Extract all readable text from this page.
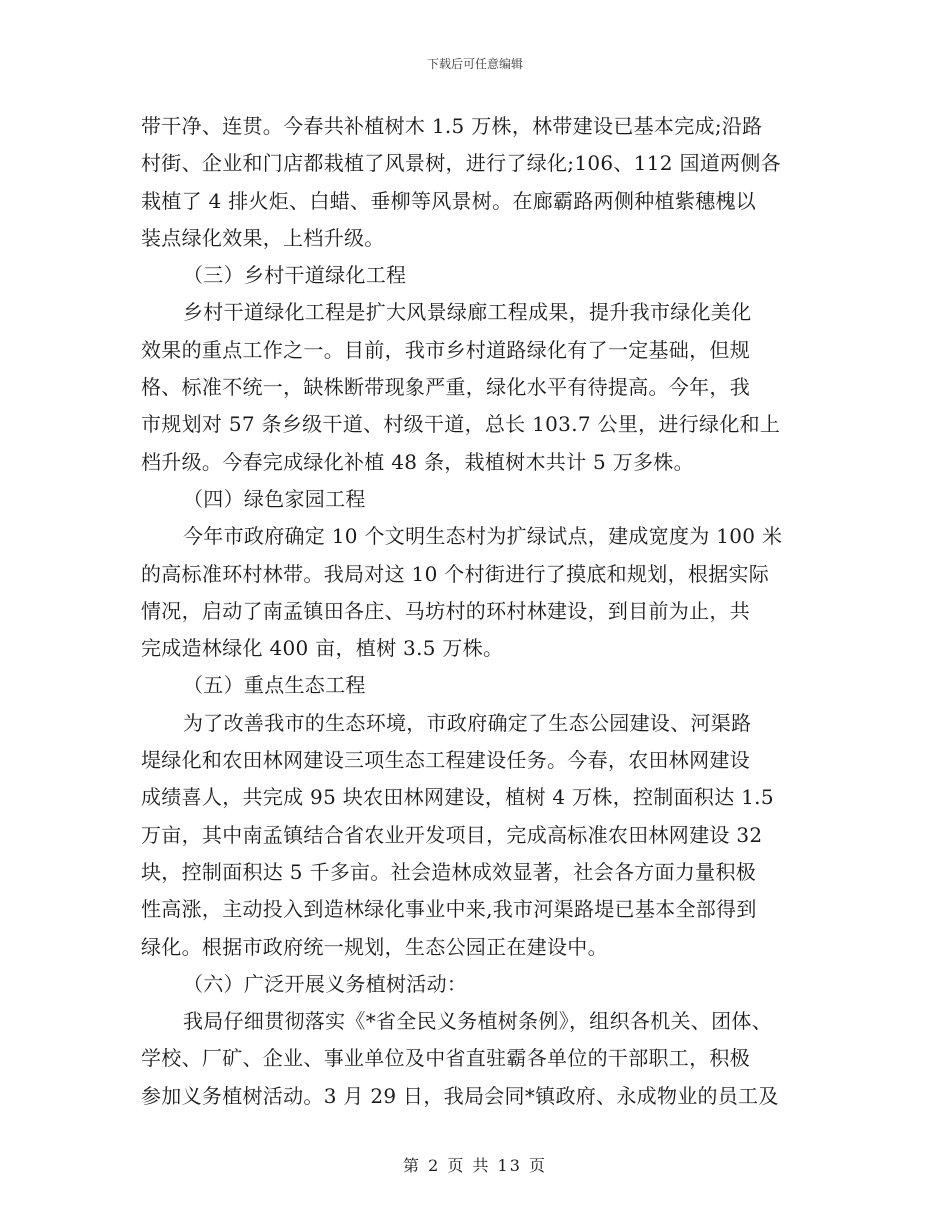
下载后可任意编辑
带干净、连贯。今春共补植树木 1.5 万株，林带建设已基本完成;沿路
村街、企业和门店都栽植了风景树，进行了绿化;106、112 国道两侧各
栽植了 4 排火炬、白蜡、垂柳等风景树。在廊霸路两侧种植紫穗槐以
装点绿化效果，上档升级。
（三）乡村干道绿化工程
乡村干道绿化工程是扩大风景绿廊工程成果，提升我市绿化美化
效果的重点工作之一。目前，我市乡村道路绿化有了一定基础，但规
格、标准不统一，缺株断带现象严重，绿化水平有待提高。今年，我
市规划对 57 条乡级干道、村级干道，总长 103.7 公里，进行绿化和上
档升级。今春完成绿化补植 48 条，栽植树木共计 5 万多株。
（四）绿色家园工程
今年市政府确定 10 个文明生态村为扩绿试点，建成宽度为 100 米
的高标准环村林带。我局对这 10 个村街进行了摸底和规划，根据实际
情况，启动了南孟镇田各庄、马坊村的环村林建设，到目前为止，共
完成造林绿化 400 亩，植树 3.5 万株。
（五）重点生态工程
为了改善我市的生态环境，市政府确定了生态公园建设、河渠路
堤绿化和农田林网建设三项生态工程建设任务。今春，农田林网建设
成绩喜人，共完成 95 块农田林网建设，植树 4 万株，控制面积达 1.5
万亩，其中南孟镇结合省农业开发项目，完成高标准农田林网建设 32
块，控制面积达 5 千多亩。社会造林成效显著，社会各方面力量积极
性高涨，主动投入到造林绿化事业中来,我市河渠路堤已基本全部得到
绿化。根据市政府统一规划，生态公园正在建设中。
（六）广泛开展义务植树活动：
我局仔细贯彻落实《*省全民义务植树条例》，组织各机关、团体、
学校、厂矿、企业、事业单位及中省直驻霸各单位的干部职工，积极
参加义务植树活动。3 月 29 日，我局会同*镇政府、永成物业的员工及
第 2 页 共 13 页
